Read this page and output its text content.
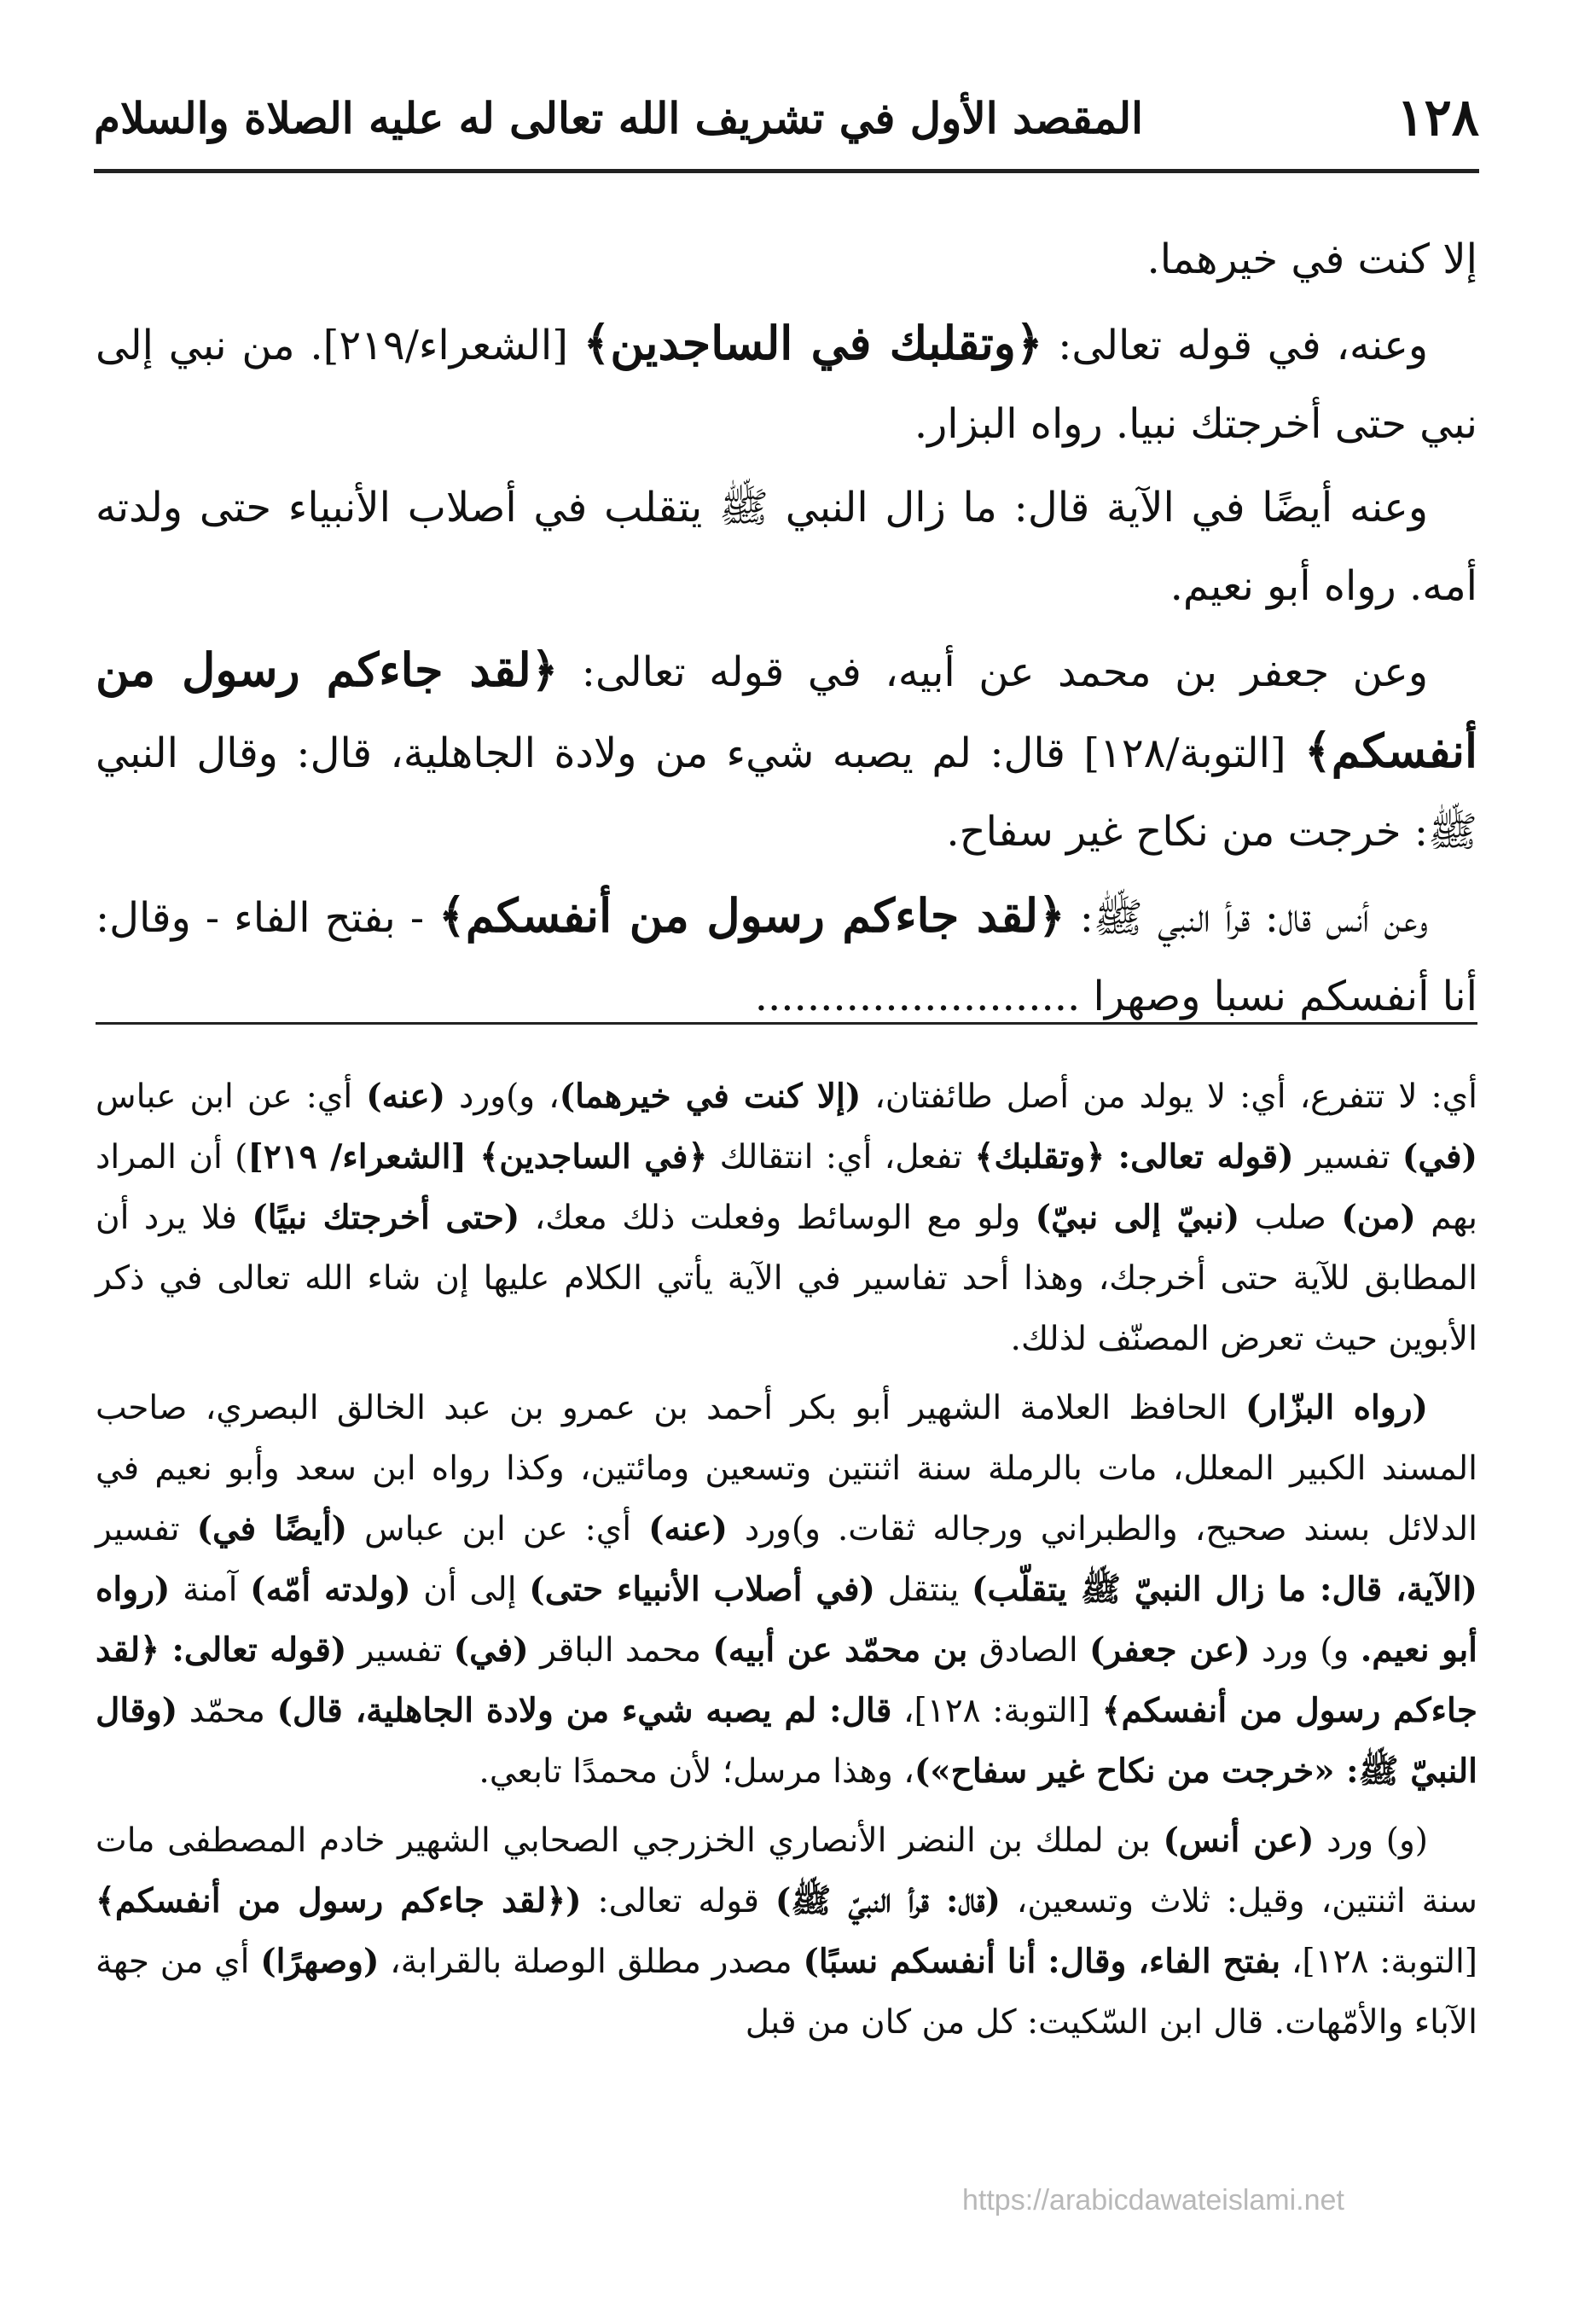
١٢٨
المقصد الأول في تشريف الله تعالى له عليه الصلاة والسلام

إلا كنت في خيرهما.

وعنه، في قوله تعالى: ﴿وتقلبك في الساجدين﴾ [الشعراء/٢١٩]. من نبي إلى نبي حتى أخرجتك نبيا. رواه البزار.

وعنه أيضًا في الآية قال: ما زال النبي ﷺ يتقلب في أصلاب الأنبياء حتى ولدته أمه. رواه أبو نعيم.

وعن جعفر بن محمد عن أبيه، في قوله تعالى: ﴿لقد جاءكم رسول من أنفسكم﴾ [التوبة/١٢٨] قال: لم يصبه شيء من ولادة الجاهلية، قال: وقال النبي ﷺ: خرجت من نكاح غير سفاح.

وعن أنس قال: قرأ النبي ﷺ: ﴿لقد جاءكم رسول من أنفسكم﴾ - بفتح الفاء - وقال: أنا أنفسكم نسبا وصهرا .........................

أي: لا تتفرع، أي: لا يولد من أصل طائفتان، (إلا كنت في خيرهما)، و)ورد (عنه) أي: عن ابن عباس (في) تفسير (قوله تعالى: ﴿وتقلبك﴾ تفعل، أي: انتقالك ﴿في الساجدين﴾ [الشعراء/ ٢١٩]) أن المراد بهم (من) صلب (نبيّ إلى نبيّ) ولو مع الوسائط وفعلت ذلك معك، (حتى أخرجتك نبيًا) فلا يرد أن المطابق للآية حتى أخرجك، وهذا أحد تفاسير في الآية يأتي الكلام عليها إن شاء الله تعالى في ذكر الأبوين حيث تعرض المصنّف لذلك.

(رواه البزّار) الحافظ العلامة الشهير أبو بكر أحمد بن عمرو بن عبد الخالق البصري، صاحب المسند الكبير المعلل، مات بالرملة سنة اثنتين وتسعين ومائتين، وكذا رواه ابن سعد وأبو نعيم في الدلائل بسند صحيح، والطبراني ورجاله ثقات. و)ورد (عنه) أي: عن ابن عباس (أيضًا في) تفسير (الآية، قال: ما زال النبيّ ﷺ يتقلّب) ينتقل (في أصلاب الأنبياء حتى) إلى أن (ولدته أمّه) آمنة (رواه أبو نعيم. و) ورد (عن جعفر) الصادق بن محمّد عن أبيه) محمد الباقر (في) تفسير (قوله تعالى: ﴿لقد جاءكم رسول من أنفسكم﴾ [التوبة: ١٢٨]، قال: لم يصبه شيء من ولادة الجاهلية، قال) محمّد (وقال النبيّ ﷺ: «خرجت من نكاح غير سفاح»)، وهذا مرسل؛ لأن محمدًا تابعي.

(و) ورد (عن أنس) بن لملك بن النضر الأنصاري الخزرجي الصحابي الشهير خادم المصطفى مات سنة اثنتين، وقيل: ثلاث وتسعين، (قال: قرأ النبيّ ﷺ) قوله تعالى: (﴿لقد جاءكم رسول من أنفسكم﴾ [التوبة: ١٢٨]، بفتح الفاء، وقال: أنا أنفسكم نسبًا) مصدر مطلق الوصلة بالقرابة، (وصهرًا) أي من جهة الآباء والأمّهات. قال ابن السّكيت: كل من كان من قبل

https://arabicdawateislami.net
